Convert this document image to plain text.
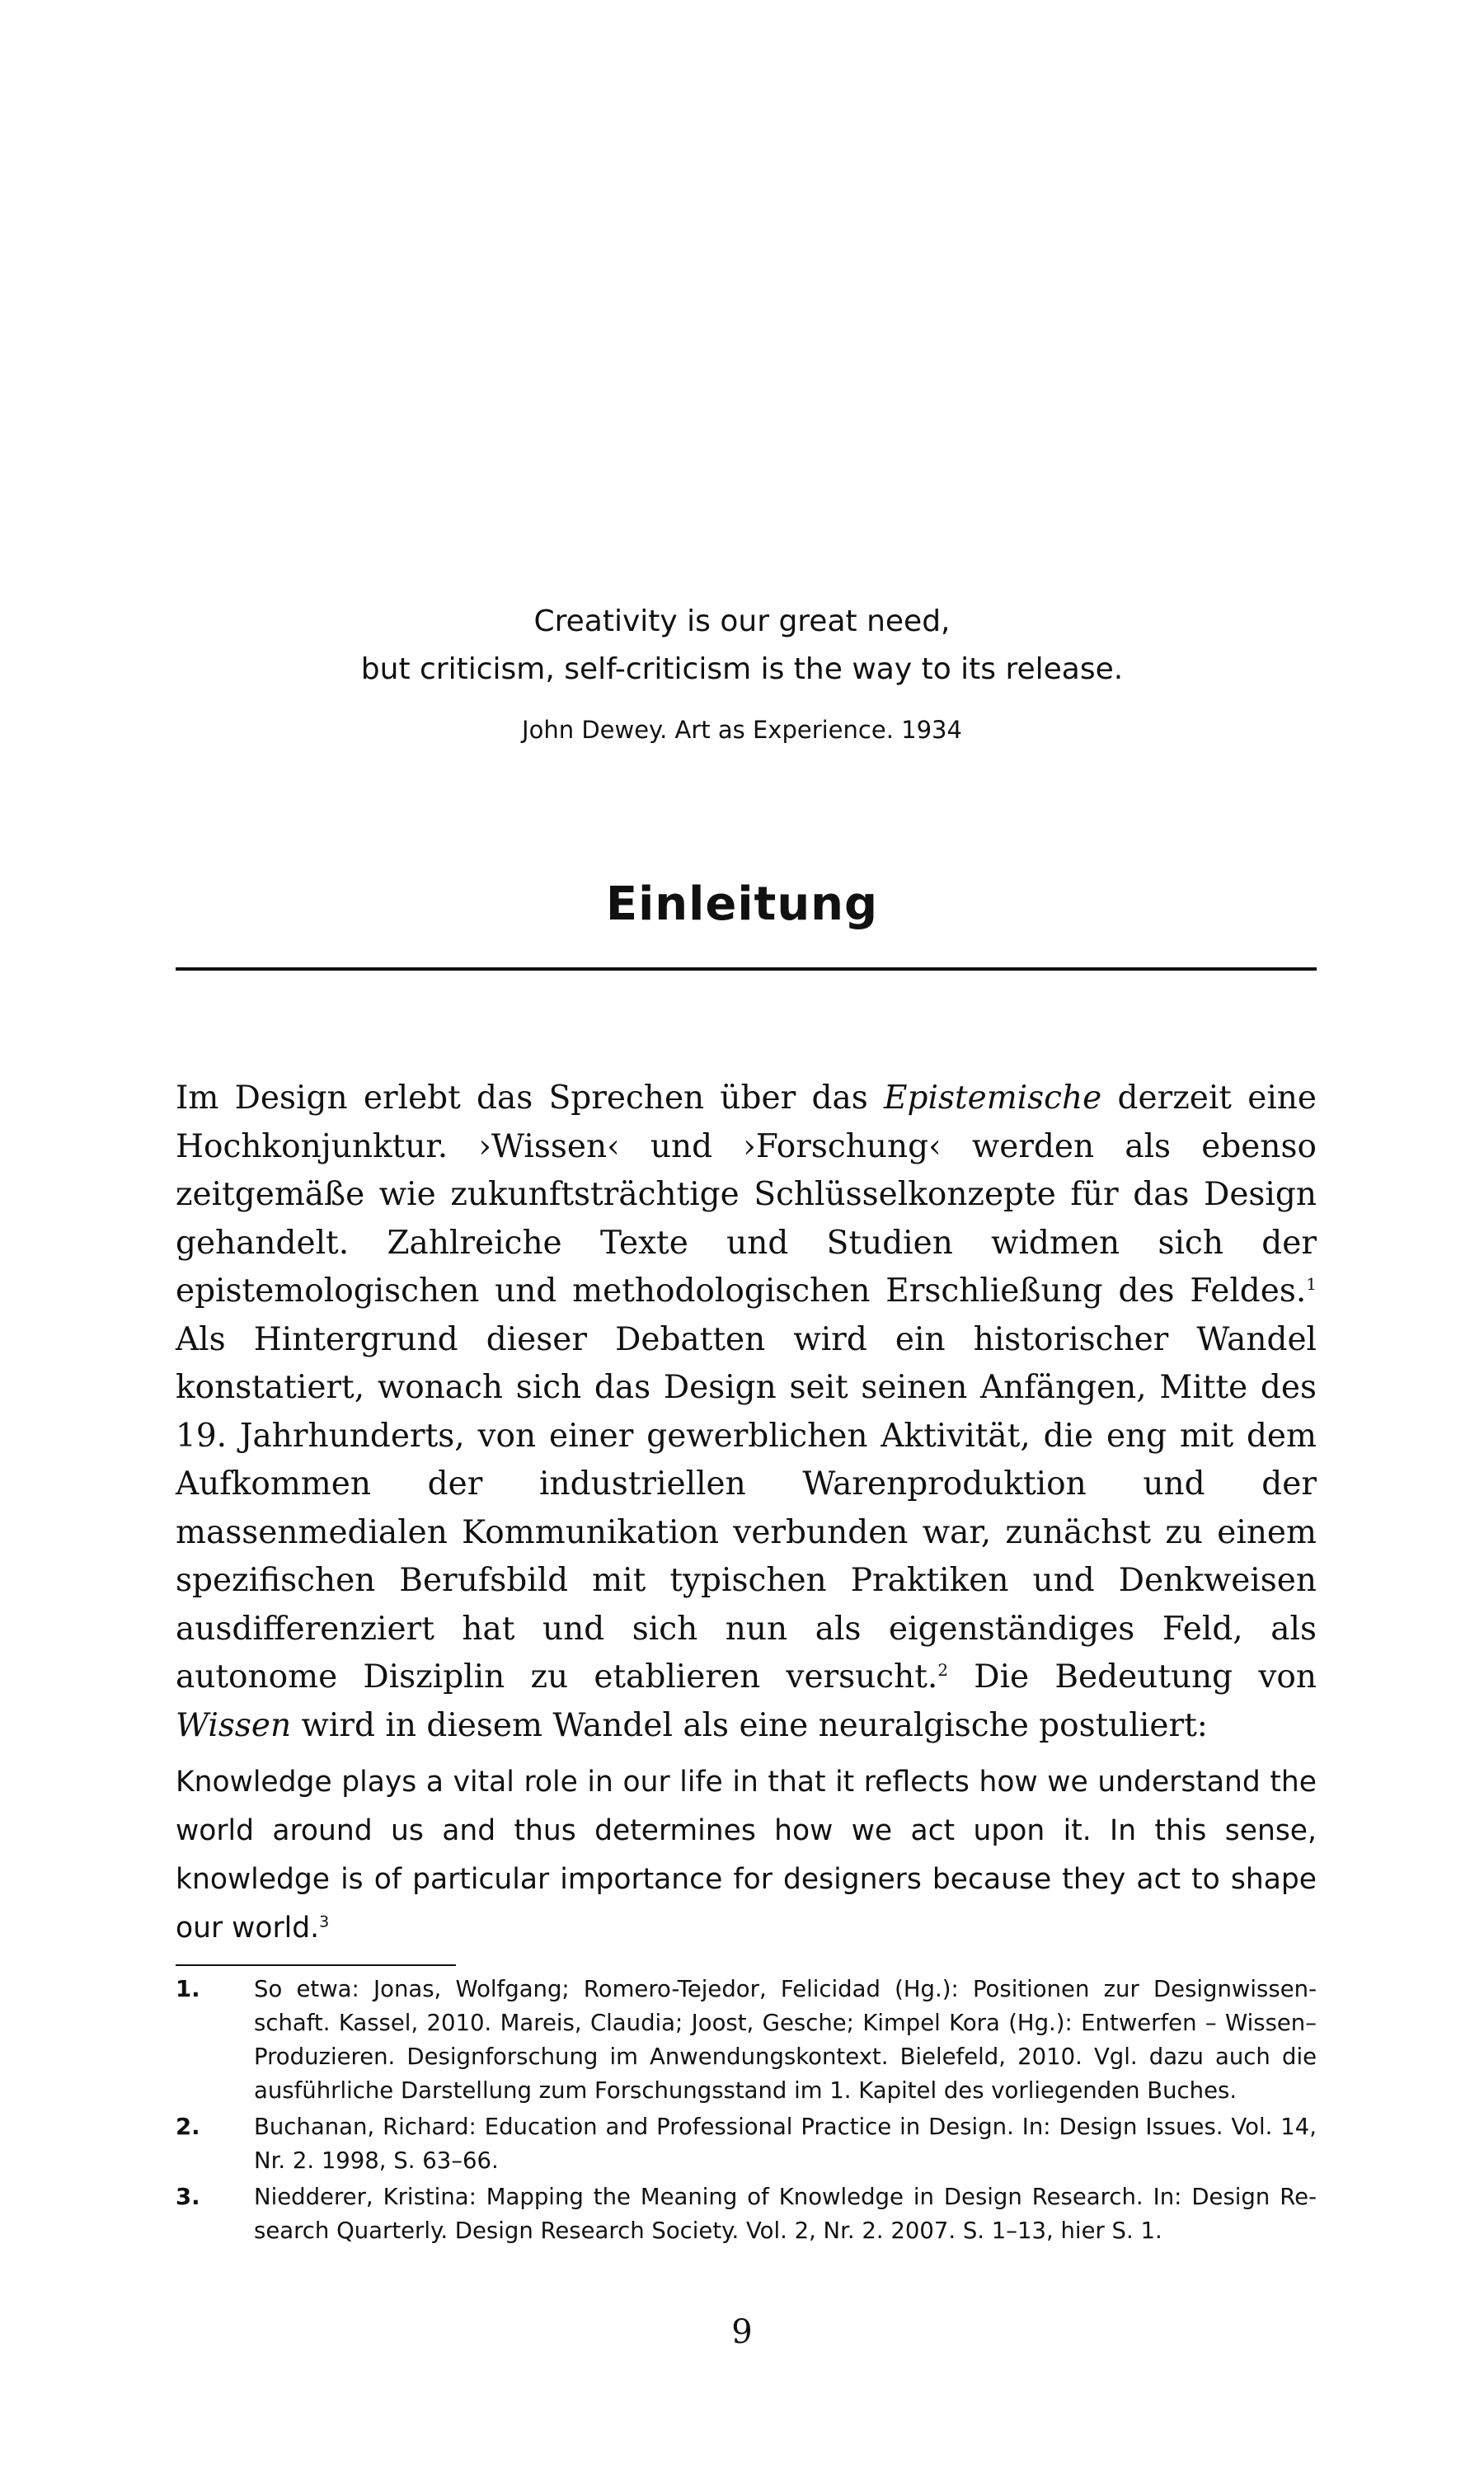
Creativity is our great need,
but criticism, self-criticism is the way to its release.
John Dewey. Art as Experience. 1934
Einleitung

Im Design erlebt das Sprechen über das Epistemische derzeit eine Hochkonjunktur. ›Wissen‹ und ›Forschung‹ werden als ebenso zeitgemäße wie zukunftsträchtige Schlüsselkonzepte für das Design gehandelt. Zahlreiche Texte und Studien widmen sich der epistemologischen und methodologischen Erschließung des Feldes.$^1$ Als Hintergrund dieser Debatten wird ein historischer Wandel konstatiert, wonach sich das Design seit seinen Anfängen, Mitte des 19. Jahrhunderts, von einer gewerblichen Aktivität, die eng mit dem Aufkommen der industriellen Warenproduktion und der massenmedialen Kommunikation verbunden war, zunächst zu einem spezifischen Berufsbild mit typischen Praktiken und Denkweisen ausdifferenziert hat und sich nun als eigenständiges Feld, als autonome Disziplin zu etablieren versucht.$^2$ Die Bedeutung von Wissen wird in diesem Wandel als eine neuralgische postuliert:

Knowledge plays a vital role in our life in that it reflects how we understand the world around us and thus determines how we act upon it. In this sense, knowledge is of particular importance for designers because they act to shape our world.$^3$

1.	So etwa: Jonas, Wolfgang; Romero-Tejedor, Felicidad (Hg.): Positionen zur Designwissenschaft. Kassel, 2010. Mareis, Claudia; Joost, Gesche; Kimpel Kora (Hg.): Entwerfen – Wissen– Produzieren. Designforschung im Anwendungskontext. Bielefeld, 2010. Vgl. dazu auch die ausführliche Darstellung zum Forschungsstand im 1. Kapitel des vorliegenden Buches.
2.	Buchanan, Richard: Education and Professional Practice in Design. In: Design Issues. Vol. 14, Nr. 2. 1998, S. 63–66.
3.	Niedderer, Kristina: Mapping the Meaning of Knowledge in Design Research. In: Design Research Quarterly. Design Research Society. Vol. 2, Nr. 2. 2007. S. 1–13, hier S. 1.
9
